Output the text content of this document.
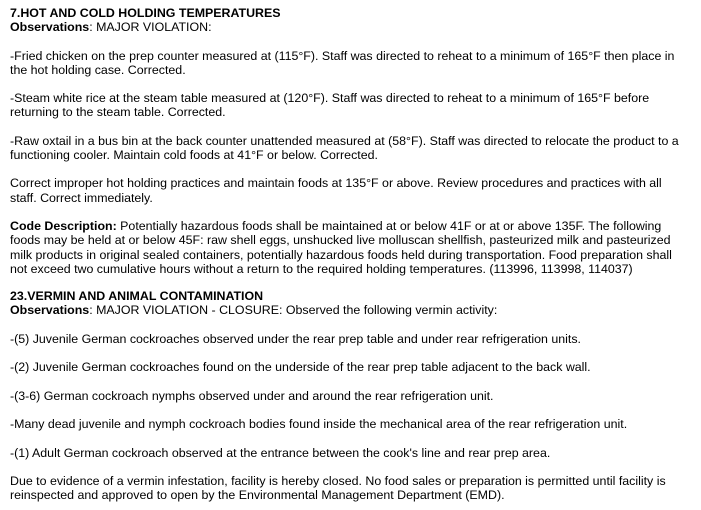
7.HOT AND COLD HOLDING TEMPERATURES
Observations: MAJOR VIOLATION:

-Fried chicken on the prep counter measured at (115°F). Staff was directed to reheat to a minimum of 165°F then place in the hot holding case. Corrected.

-Steam white rice at the steam table measured at (120°F). Staff was directed to reheat to a minimum of 165°F before returning to the steam table. Corrected.

-Raw oxtail in a bus bin at the back counter unattended measured at (58°F). Staff was directed to relocate the product to a functioning cooler. Maintain cold foods at 41°F or below. Corrected.

Correct improper hot holding practices and maintain foods at 135°F or above. Review procedures and practices with all staff. Correct immediately.

Code Description: Potentially hazardous foods shall be maintained at or below 41F or at or above 135F. The following foods may be held at or below 45F: raw shell eggs, unshucked live molluscan shellfish, pasteurized milk and pasteurized milk products in original sealed containers, potentially hazardous foods held during transportation. Food preparation shall not exceed two cumulative hours without a return to the required holding temperatures. (113996, 113998, 114037)

23.VERMIN AND ANIMAL CONTAMINATION
Observations: MAJOR VIOLATION - CLOSURE: Observed the following vermin activity:

-(5) Juvenile German cockroaches observed under the rear prep table and under rear refrigeration units.

-(2) Juvenile German cockroaches found on the underside of the rear prep table adjacent to the back wall.

-(3-6) German cockroach nymphs observed under and around the rear refrigeration unit.

-Many dead juvenile and nymph cockroach bodies found inside the mechanical area of the rear refrigeration unit.

-(1) Adult German cockroach observed at the entrance between the cook's line and rear prep area.

Due to evidence of a vermin infestation, facility is hereby closed. No food sales or preparation is permitted until facility is reinspected and approved to open by the Environmental Management Department (EMD).
